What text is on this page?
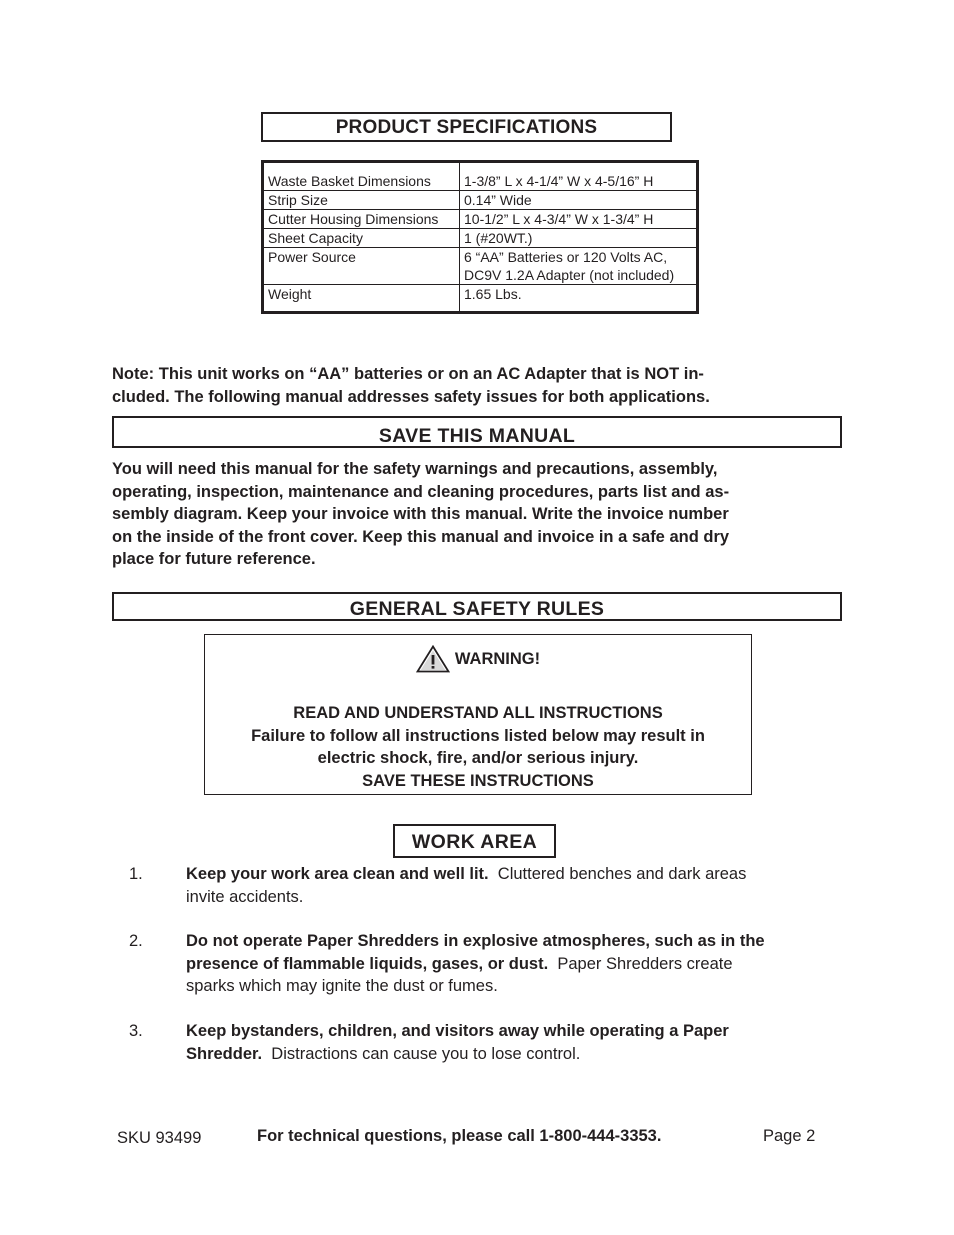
PRODUCT SPECIFICATIONS
Waste Basket Dimensions	1-3/8” L x 4-1/4” W x 4-5/16” H
Strip Size	0.14” Wide
Cutter Housing Dimensions	10-1/2” L x 4-3/4” W x 1-3/4” H
Sheet Capacity	1 (#20WT.)
Power Source	6 “AA” Batteries or 120 Volts AC,
DC9V 1.2A Adapter (not included)

Weight	1.65 Lbs.
Note: This unit works on “AA” batteries or on an AC Adapter that is NOT in-
cluded. The following manual addresses safety issues for both applications.
SAVE THIS MANUAL
You will need this manual for the safety warnings and precautions, assembly,
operating, inspection, maintenance and cleaning procedures, parts list and as-
sembly diagram. Keep your invoice with this manual. Write the invoice number
on the inside of the front cover. Keep this manual and invoice in a safe and dry
place for future reference.
GENERAL SAFETY RULES
WARNING!
READ AND UNDERSTAND ALL INSTRUCTIONS
Failure to follow all instructions listed below may result in
electric shock, fire, and/or serious injury.
SAVE THESE INSTRUCTIONS
WORK AREA
1.	Keep your work area clean and well lit.  Cluttered benches and dark areas
invite accidents.
2.	Do not operate Paper Shredders in explosive atmospheres, such as in the
presence of flammable liquids, gases, or dust.  Paper Shredders create
sparks which may ignite the dust or fumes.
3.	Keep bystanders, children, and visitors away while operating a Paper
Shredder.  Distractions can cause you to lose control.
SKU 93499	For technical questions, please call 1-800-444-3353.	Page 2
